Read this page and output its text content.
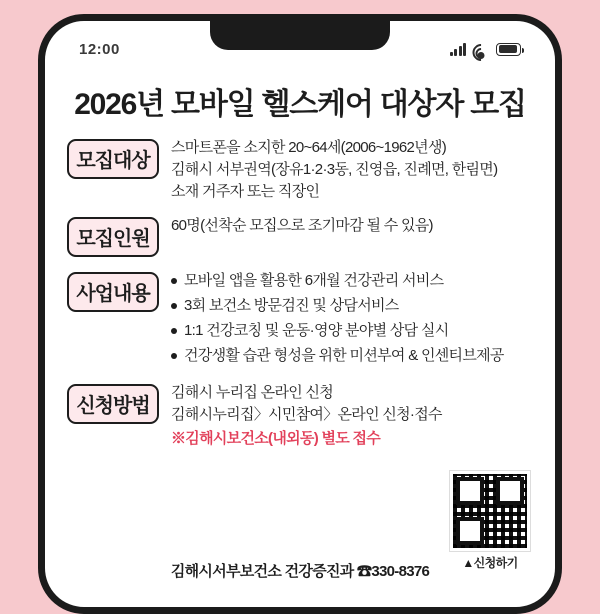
12:00
2026년 모바일 헬스케어 대상자 모집
모집대상
스마트폰을 소지한 20~64세(2006~1962년생)
김해시 서부권역(장유1·2·3동, 진영읍, 진례면, 한림면)
소재 거주자 또는 직장인
모집인원
60명(선착순 모집으로 조기마감 될 수 있음)
사업내용
모바일 앱을 활용한 6개월 건강관리 서비스
3회 보건소 방문검진 및 상담서비스
1:1 건강코칭 및 운동·영양 분야별 상담 실시
건강생활 습관 형성을 위한 미션부여 & 인센티브제공
신청방법
김해시 누리집 온라인 신청
김해시누리집〉시민참여〉온라인 신청·접수
※김해시보건소(내외동) 별도 접수
▲신청하기
김해시서부보건소 건강증진과 ☎330-8376
